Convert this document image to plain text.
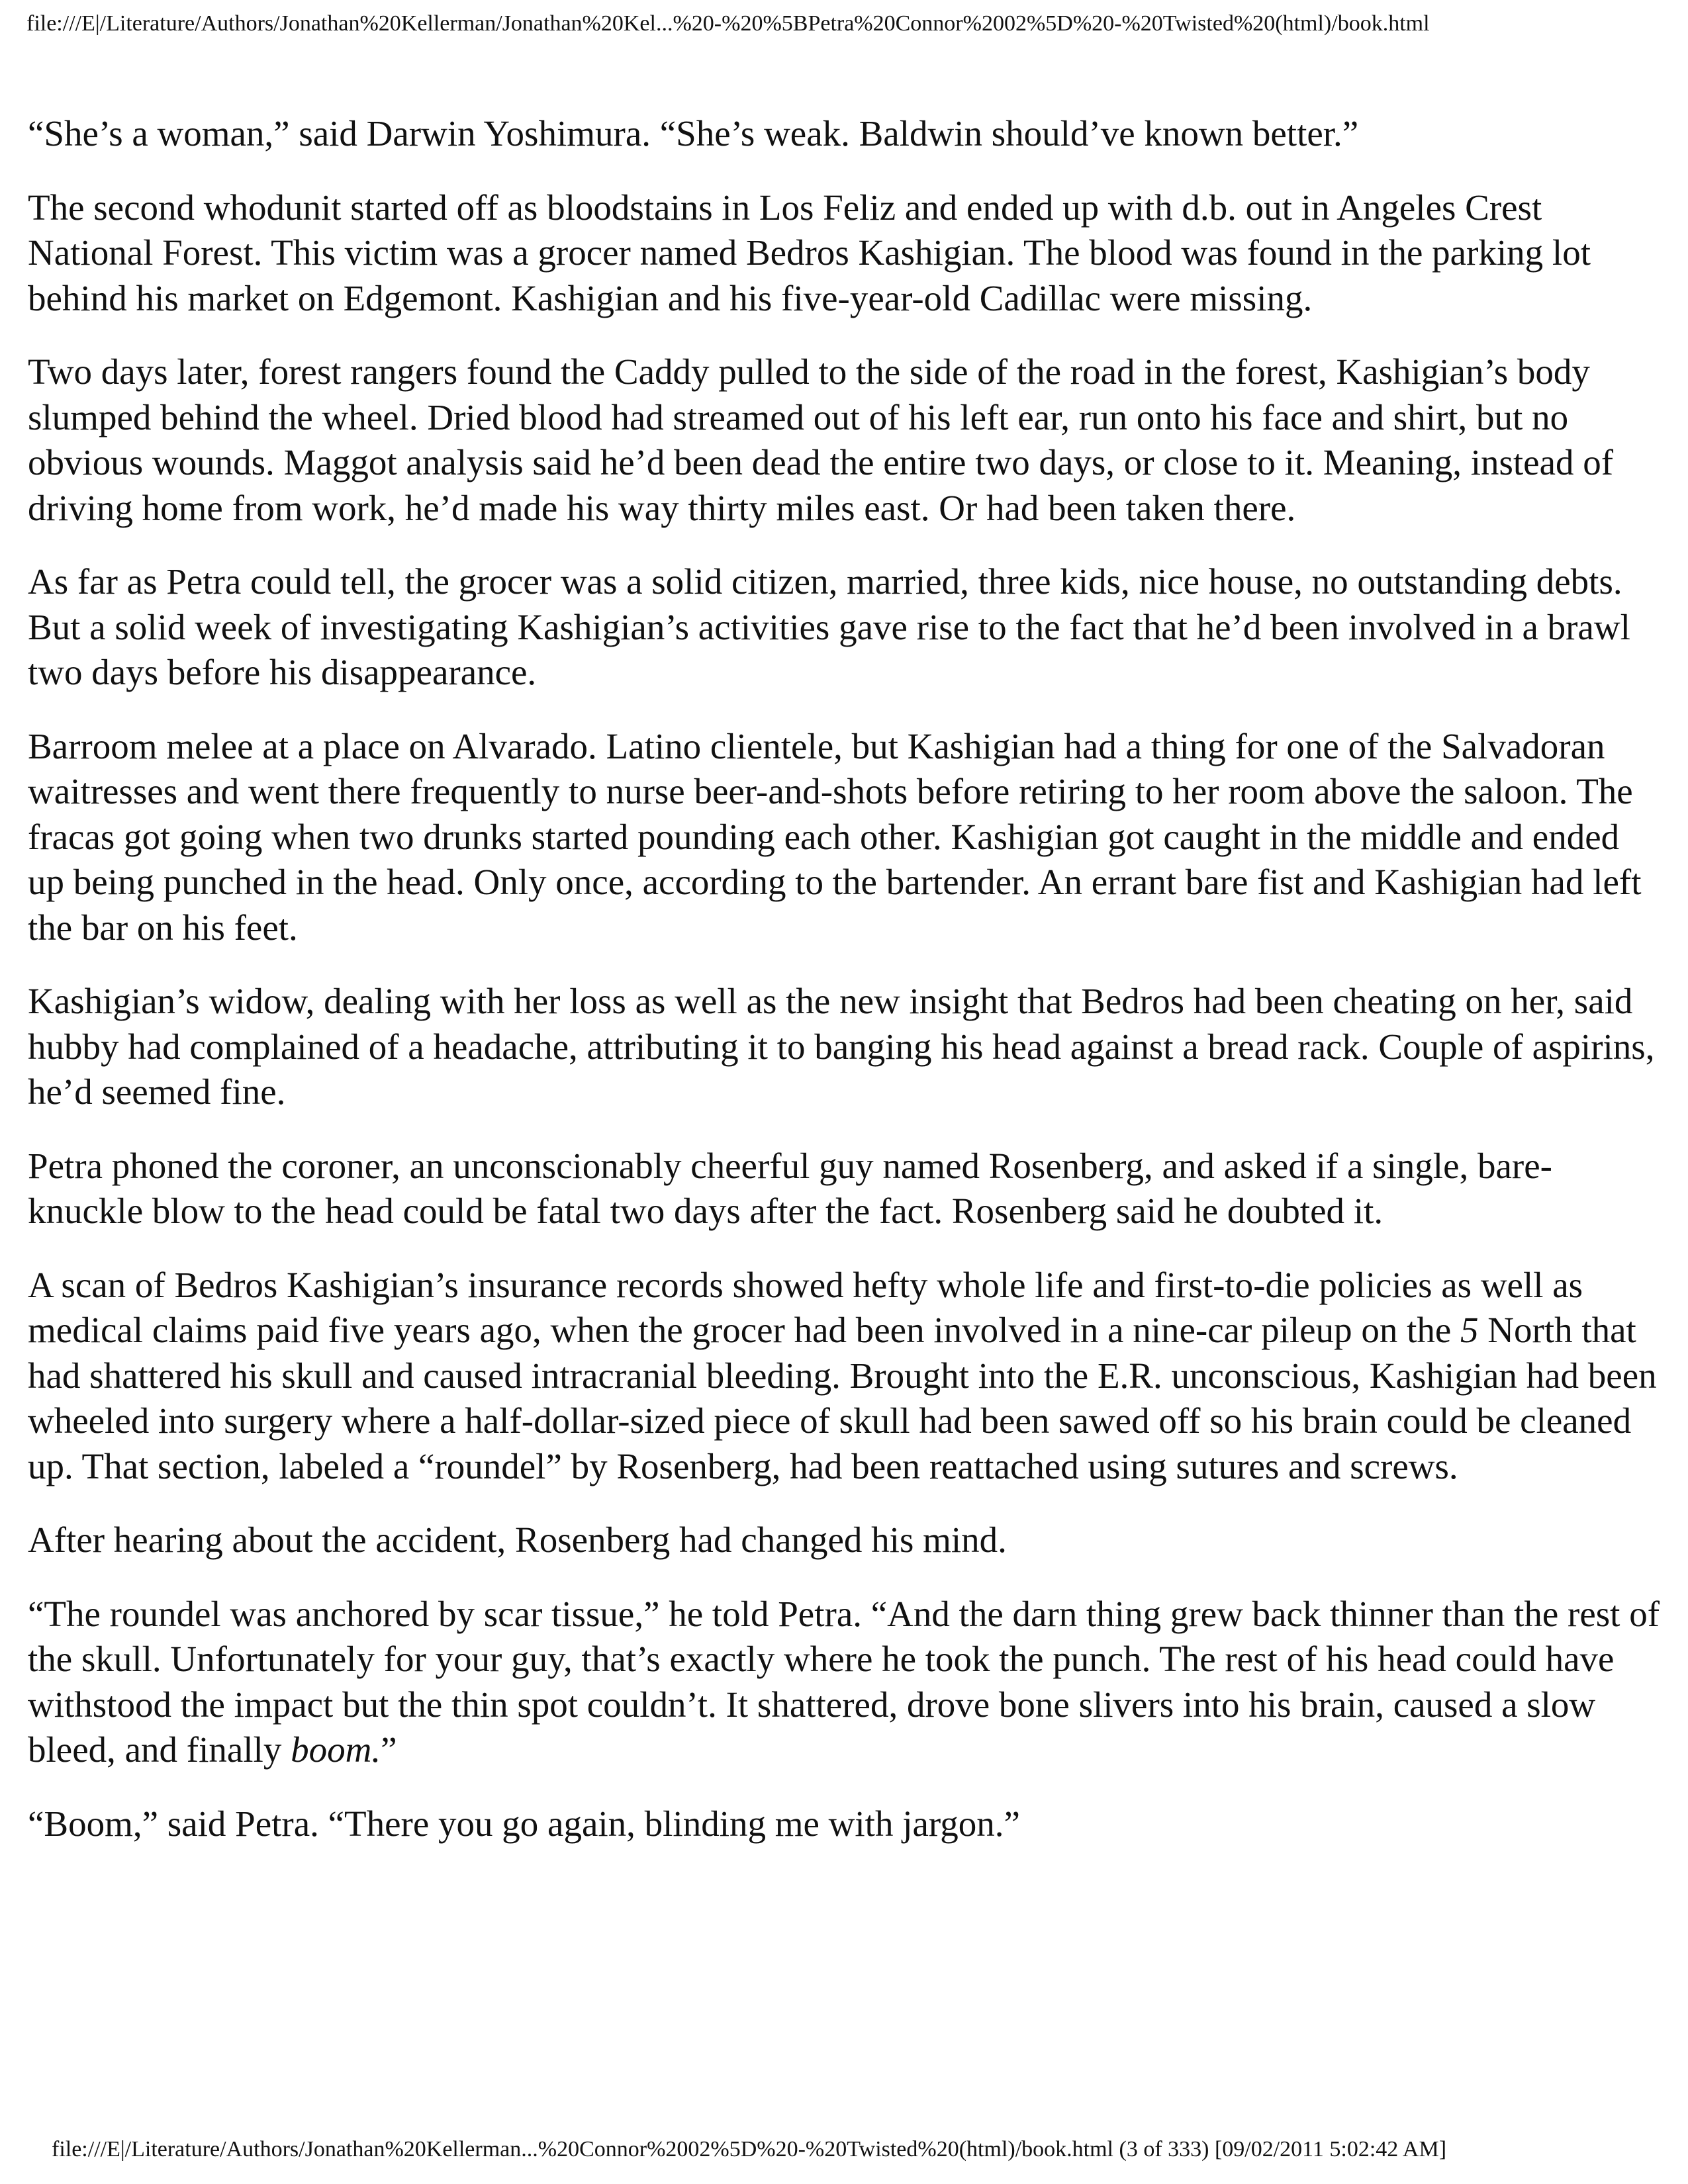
file:///E|/Literature/Authors/Jonathan%20Kellerman/Jonathan%20Kel...%20-%20%5BPetra%20Connor%2002%5D%20-%20Twisted%20(html)/book.html

“She’s a woman,” said Darwin Yoshimura. “She’s weak. Baldwin should’ve known better.”

The second whodunit started off as bloodstains in Los Feliz and ended up with d.b. out in Angeles Crest National Forest. This victim was a grocer named Bedros Kashigian. The blood was found in the parking lot behind his market on Edgemont. Kashigian and his five-year-old Cadillac were missing.

Two days later, forest rangers found the Caddy pulled to the side of the road in the forest, Kashigian’s body slumped behind the wheel. Dried blood had streamed out of his left ear, run onto his face and shirt, but no obvious wounds. Maggot analysis said he’d been dead the entire two days, or close to it. Meaning, instead of driving home from work, he’d made his way thirty miles east. Or had been taken there.

As far as Petra could tell, the grocer was a solid citizen, married, three kids, nice house, no outstanding debts. But a solid week of investigating Kashigian’s activities gave rise to the fact that he’d been involved in a brawl two days before his disappearance.

Barroom melee at a place on Alvarado. Latino clientele, but Kashigian had a thing for one of the Salvadoran waitresses and went there frequently to nurse beer-and-shots before retiring to her room above the saloon. The fracas got going when two drunks started pounding each other. Kashigian got caught in the middle and ended up being punched in the head. Only once, according to the bartender. An errant bare fist and Kashigian had left the bar on his feet.

Kashigian’s widow, dealing with her loss as well as the new insight that Bedros had been cheating on her, said hubby had complained of a headache, attributing it to banging his head against a bread rack. Couple of aspirins, he’d seemed fine.

Petra phoned the coroner, an unconscionably cheerful guy named Rosenberg, and asked if a single, bare-knuckle blow to the head could be fatal two days after the fact. Rosenberg said he doubted it.

A scan of Bedros Kashigian’s insurance records showed hefty whole life and first-to-die policies as well as medical claims paid five years ago, when the grocer had been involved in a nine-car pileup on the 5 North that had shattered his skull and caused intracranial bleeding. Brought into the E.R. unconscious, Kashigian had been wheeled into surgery where a half-dollar-sized piece of skull had been sawed off so his brain could be cleaned up. That section, labeled a “roundel” by Rosenberg, had been reattached using sutures and screws.

After hearing about the accident, Rosenberg had changed his mind.

“The roundel was anchored by scar tissue,” he told Petra. “And the darn thing grew back thinner than the rest of the skull. Unfortunately for your guy, that’s exactly where he took the punch. The rest of his head could have withstood the impact but the thin spot couldn’t. It shattered, drove bone slivers into his brain, caused a slow bleed, and finally boom.”

“Boom,” said Petra. “There you go again, blinding me with jargon.”

file:///E|/Literature/Authors/Jonathan%20Kellerman...%20Connor%2002%5D%20-%20Twisted%20(html)/book.html (3 of 333) [09/02/2011 5:02:42 AM]
